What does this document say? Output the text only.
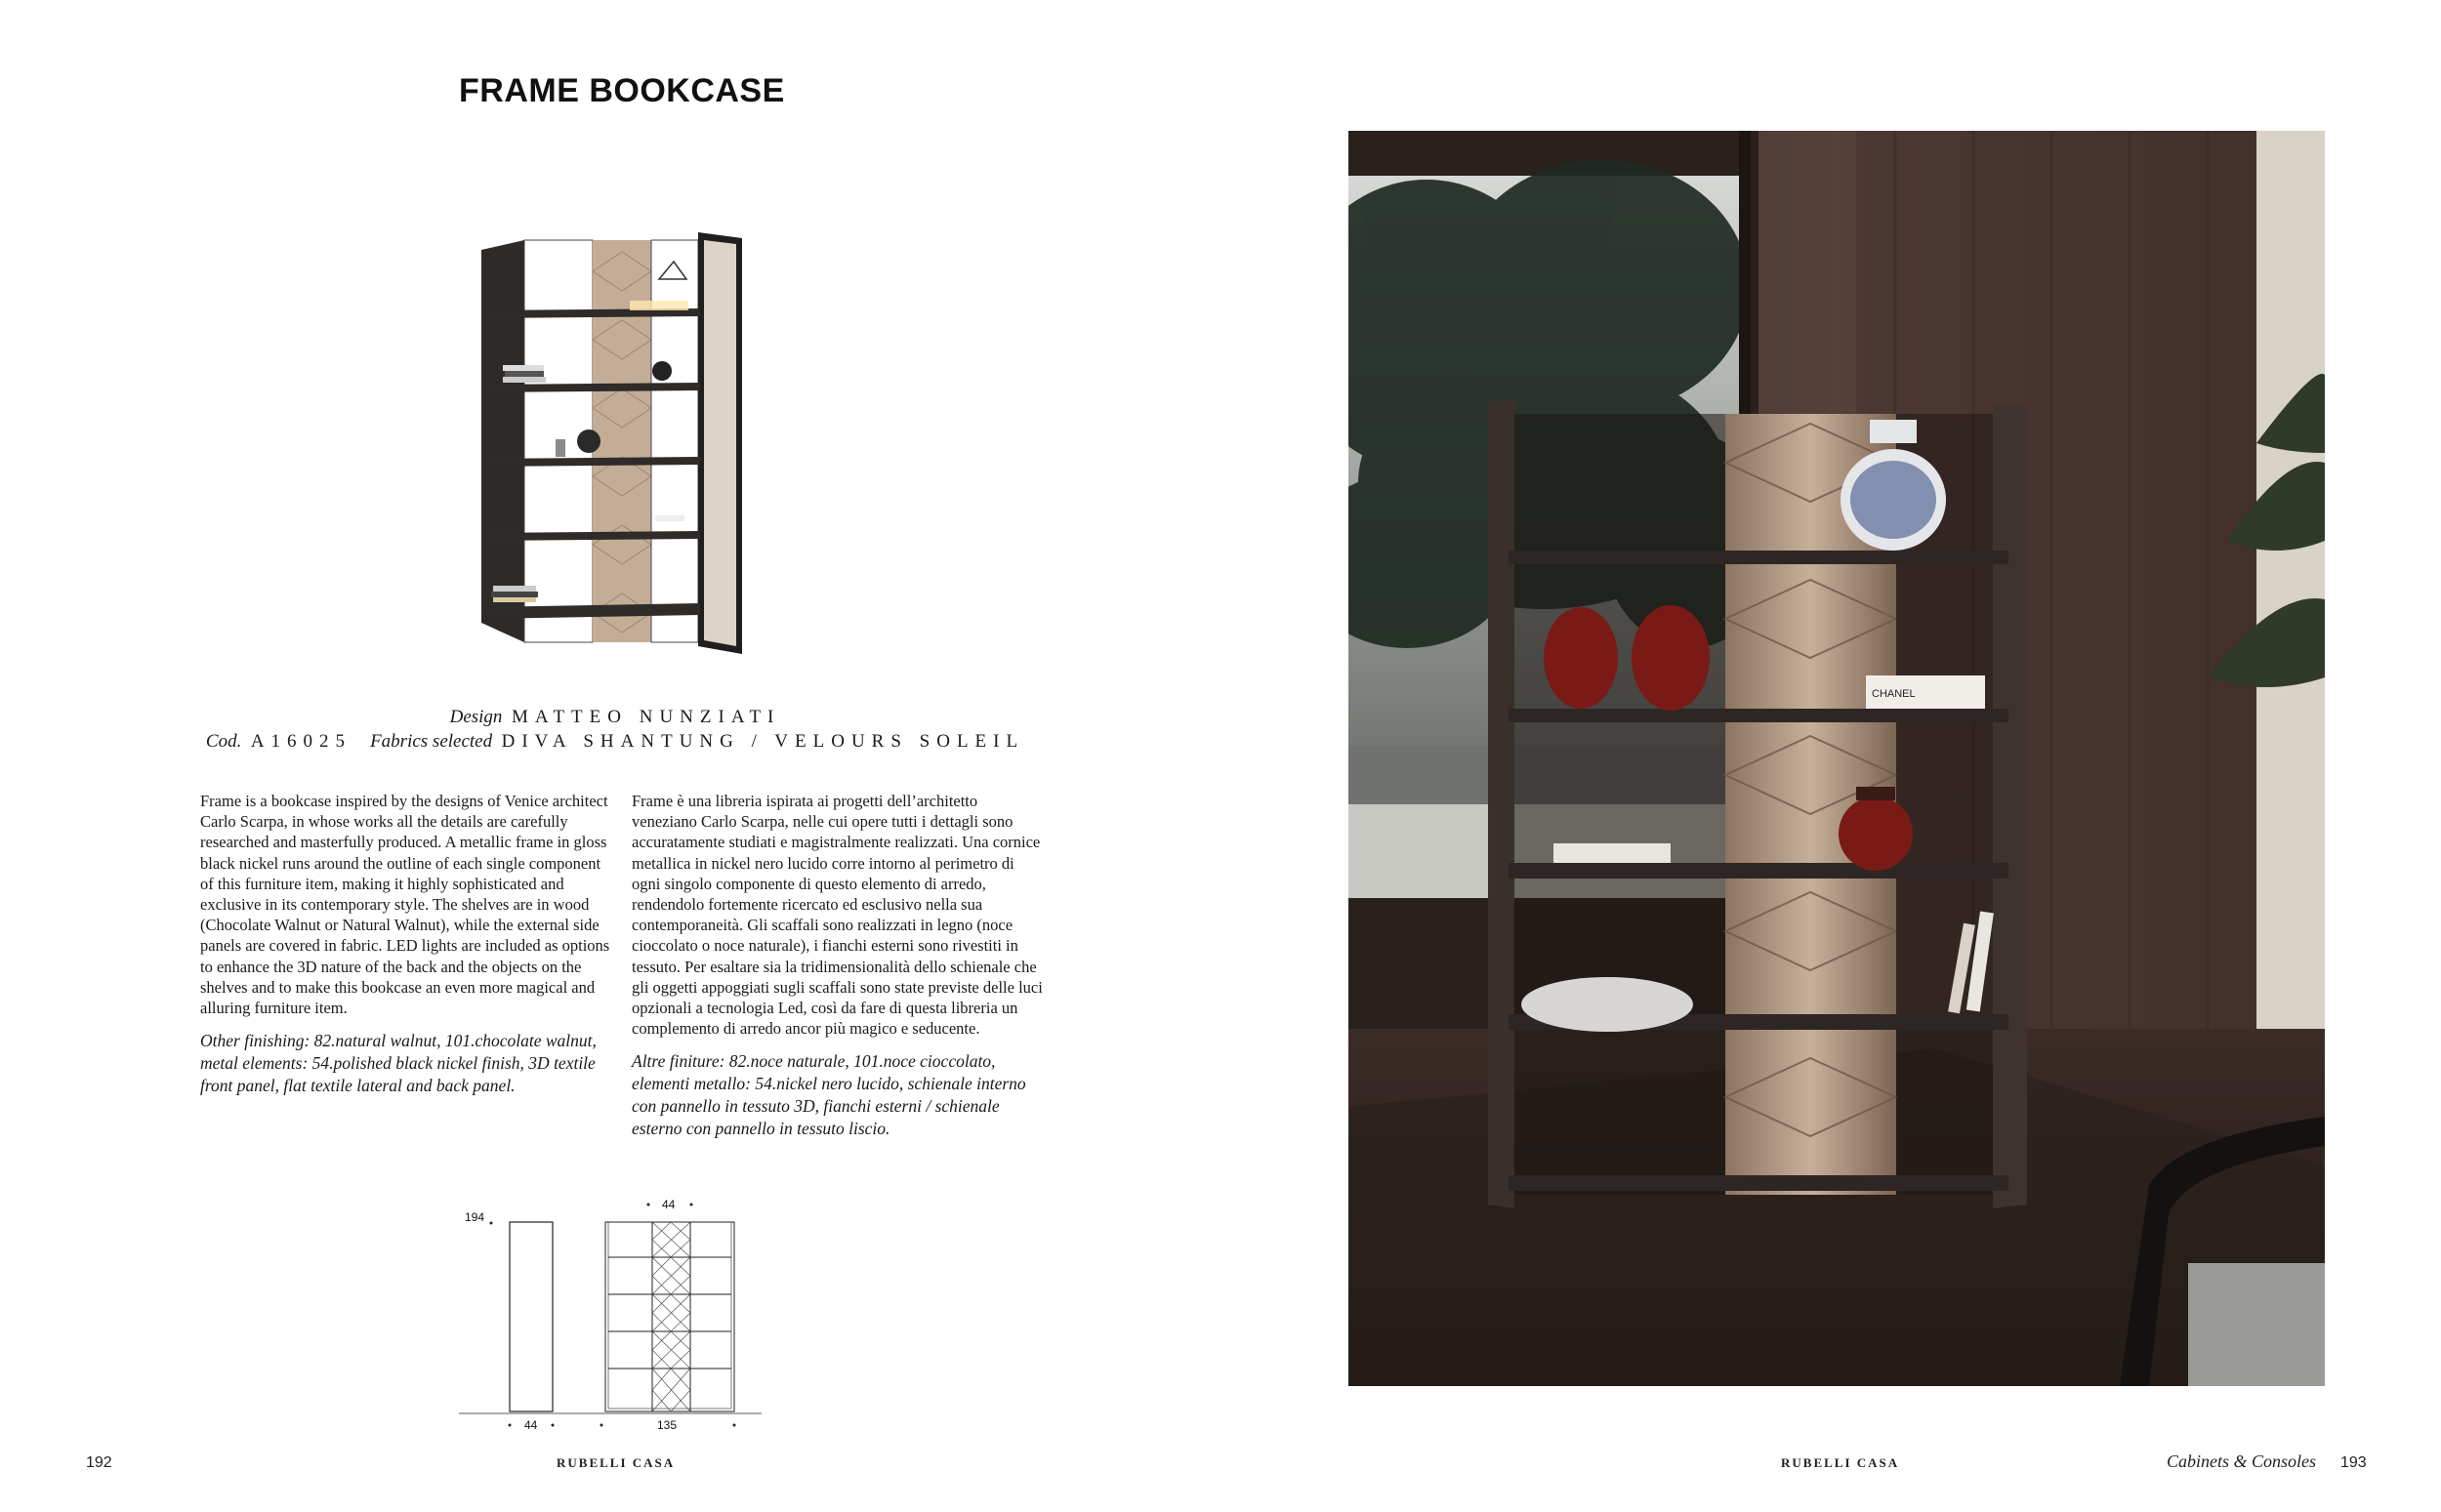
FRAME BOOKCASE
Design MATTEO NUNZIATI
Cod. A16025 Fabrics selected DIVA SHANTUNG / VELOURS SOLEIL

Frame is a bookcase inspired by the designs of Venice architect Carlo Scarpa, in whose works all the details are carefully researched and masterfully produced. A metallic frame in gloss black nickel runs around the outline of each single component of this furniture item, making it highly sophisticated and exclusive in its contemporary style. The shelves are in wood (Chocolate Walnut or Natural Walnut), while the external side panels are covered in fabric. LED lights are included as options to enhance the 3D nature of the back and the objects on the shelves and to make this bookcase an even more magical and alluring furniture item.

Other finishing: 82.natural walnut, 101.chocolate walnut, metal elements: 54.polished black nickel finish, 3D textile front panel, flat textile lateral and back panel.

Frame è una libreria ispirata ai progetti dell’architetto veneziano Carlo Scarpa, nelle cui opere tutti i dettagli sono accuratamente studiati e magistralmente realizzati. Una cornice metallica in nickel nero lucido corre intorno al perimetro di ogni singolo componente di questo elemento di arredo, rendendolo fortemente ricercato ed esclusivo nella sua contemporaneità. Gli scaffali sono realizzati in legno (noce cioccolato o noce naturale), i fianchi esterni sono rivestiti in tessuto. Per esaltare sia la tridimensionalità dello schienale che gli oggetti appoggiati sugli scaffali sono state previste delle luci opzionali a tecnologia Led, così da fare di questa libreria un complemento di arredo ancor più magico e seducente.

Altre finiture: 82.noce naturale, 101.noce cioccolato, elementi metallo: 54.nickel nero lucido, schienale interno con pannello in tessuto 3D, fianchi esterni / schienale esterno con pannello in tessuto liscio.

194
44
44	135
CHANEL
192	RUBELLI CASA	RUBELLI CASA	Cabinets & Consoles 193
